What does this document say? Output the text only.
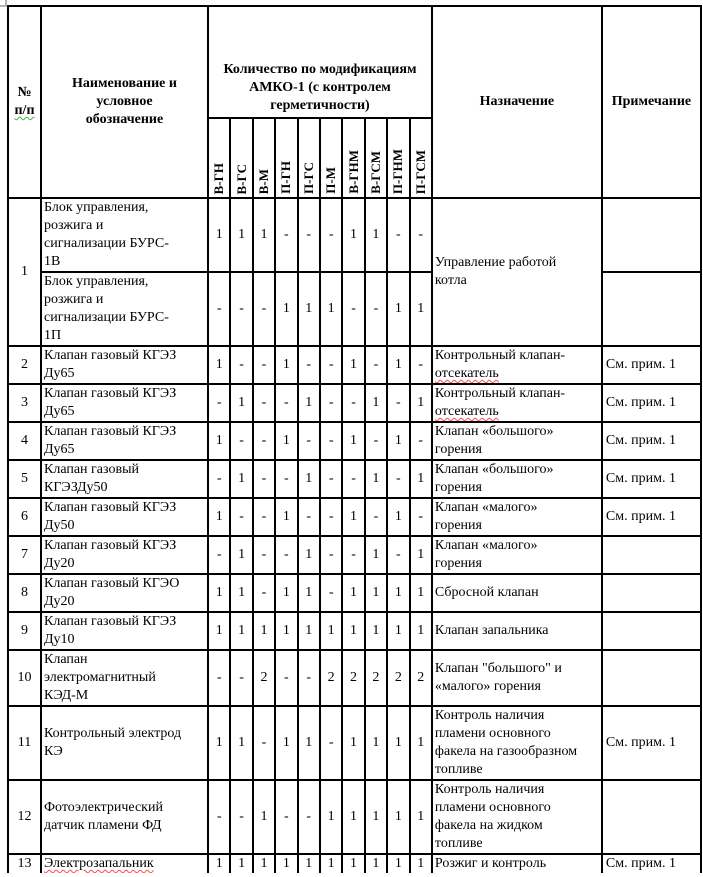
№
п/п	Наименование и
условное
обозначение	Количество по модификациям
АМКО-1 (с контролем
герметичности)										Назначение	Примечание

		В-ГН	В-ГС	В-М	П-ГН	П-ГС	П-М	В-ГНМ	В-ГСМ	П-ГНМ	П-ГСМ		

1	Блок управления,
розжига и
сигнализации БУРС-
1В	1	1	1	-	-	-	1	1	-	-	Управление работой
котла	
	Блок управления,
розжига и
сигнализации БУРС-
1П	-	-	-	1	1	1	-	-	1	1		
2	Клапан газовый КГЭЗ
Ду65	1	-	-	1	-	-	1	-	1	-	Контрольный клапан-
отсекатель	См. прим. 1
3	Клапан газовый КГЭЗ
Ду65	-	1	-	-	1	-	-	1	-	1	Контрольный клапан-
отсекатель	См. прим. 1
4	Клапан газовый КГЭЗ
Ду65	1	-	-	1	-	-	1	-	1	-	Клапан «большого»
горения	См. прим. 1
5	Клапан газовый
КГЭЗДу50	-	1	-	-	1	-	-	1	-	1	Клапан «большого»
горения	См. прим. 1
6	Клапан газовый КГЭЗ
Ду50	1	-	-	1	-	-	1	-	1	-	Клапан «малого»
горения	См. прим. 1
7	Клапан газовый КГЭЗ
Ду20	-	1	-	-	1	-	-	1	-	1	Клапан «малого»
горения	
8	Клапан газовый КГЭО
Ду20	1	1	-	1	1	-	1	1	1	1	Сбросной клапан	
9	Клапан газовый КГЭЗ
Ду10	1	1	1	1	1	1	1	1	1	1	Клапан запальника	
10	Клапан
электромагнитный
КЭД-М	-	-	2	-	-	2	2	2	2	2	Клапан "большого" и
«малого» горения	
11	Контрольный электрод
КЭ	1	1	-	1	1	-	1	1	1	1	Контроль наличия
пламени основного
факела на газообразном
топливе	См. прим. 1
12	Фотоэлектрический
датчик пламени ФД	-	-	1	-	-	1	1	1	1	1	Контроль наличия
пламени основного
факела на жидком
топливе	
13	Электрозапальник	1	1	1	1	1	1	1	1	1	1	Розжиг и контроль	См. прим. 1
